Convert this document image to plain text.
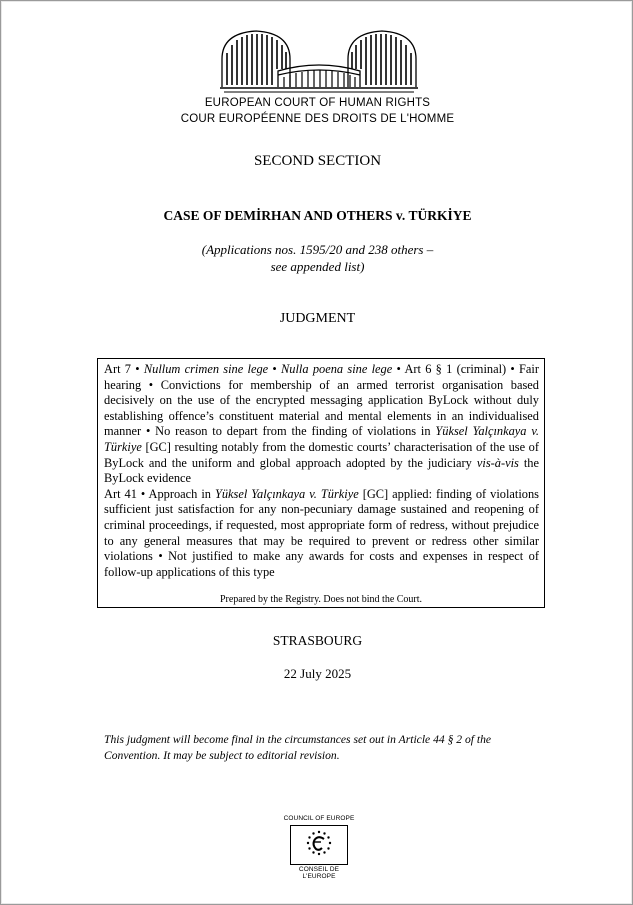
EUROPEAN COURT OF HUMAN RIGHTS
COUR EUROPÉENNE DES DROITS DE L'HOMME
SECOND SECTION
CASE OF DEMİRHAN AND OTHERS v. TÜRKİYE
(Applications nos. 1595/20 and 238 others –
see appended list)
JUDGMENT

Art 7 • Nullum crimen sine lege • Nulla poena sine lege • Art 6 § 1 (criminal) • Fair hearing • Convictions for membership of an armed terrorist organisation based decisively on the use of the encrypted messaging application ByLock without duly establishing offence’s constituent material and mental elements in an individualised manner • No reason to depart from the finding of violations in Yüksel Yalçınkaya v. Türkiye [GC] resulting notably from the domestic courts’ characterisation of the use of ByLock and the uniform and global approach adopted by the judiciary vis-à-vis the ByLock evidence

Art 41 • Approach in Yüksel Yalçınkaya v. Türkiye [GC] applied: finding of violations sufficient just satisfaction for any non-pecuniary damage sustained and reopening of criminal proceedings, if requested, most appropriate form of redress, without prejudice to any general measures that may be required to prevent or redress other similar violations • Not justified to make any awards for costs and expenses in respect of follow-up applications of this type

Prepared by the Registry. Does not bind the Court.
STRASBOURG
22 July 2025
This judgment will become final in the circumstances set out in Article 44 § 2 of the Convention. It may be subject to editorial revision.
COUNCIL OF EUROPE
CONSEIL DE L'EUROPE
